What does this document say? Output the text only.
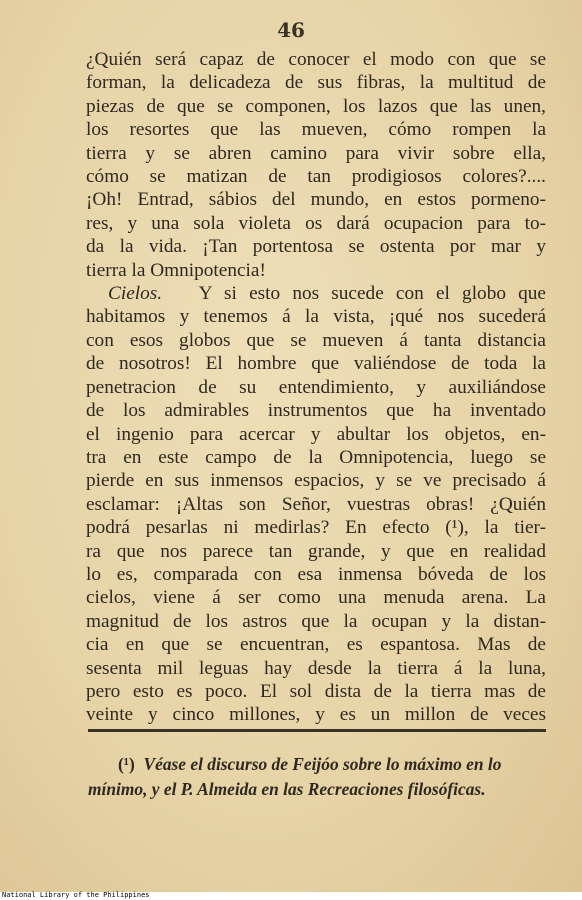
46
¿Quién será capaz de conocer el modo con que se
forman, la delicadeza de sus fibras, la multitud de
piezas de que se componen, los lazos que las unen,
los resortes que las mueven, cómo rompen la
tierra y se abren camino para vivir sobre ella,
cómo se matizan de tan prodigiosos colores?....
¡Oh! Entrad, sábios del mundo, en estos pormeno-
res, y una sola violeta os dará ocupacion para to-
da la vida. ¡Tan portentosa se ostenta por mar y
tierra la Omnipotencia!
Cielos. Y si esto nos sucede con el globo que
habitamos y tenemos á la vista, ¡qué nos sucederá
con esos globos que se mueven á tanta distancia
de nosotros! El hombre que valiéndose de toda la
penetracion de su entendimiento, y auxiliándose
de los admirables instrumentos que ha inventado
el ingenio para acercar y abultar los objetos, en-
tra en este campo de la Omnipotencia, luego se
pierde en sus inmensos espacios, y se ve precisado á
esclamar: ¡Altas son Señor, vuestras obras! ¿Quién
podrá pesarlas ni medirlas? En efecto (¹), la tier-
ra que nos parece tan grande, y que en realidad
lo es, comparada con esa inmensa bóveda de los
cielos, viene á ser como una menuda arena. La
magnitud de los astros que la ocupan y la distan-
cia en que se encuentran, es espantosa. Mas de
sesenta mil leguas hay desde la tierra á la luna,
pero esto es poco. El sol dista de la tierra mas de
veinte y cinco millones, y es un millon de veces
(¹) Véase el discurso de Feijóo sobre lo máximo en lo
mínimo, y el P. Almeida en las Recreaciones filosóficas.
National Library of the Philippines
